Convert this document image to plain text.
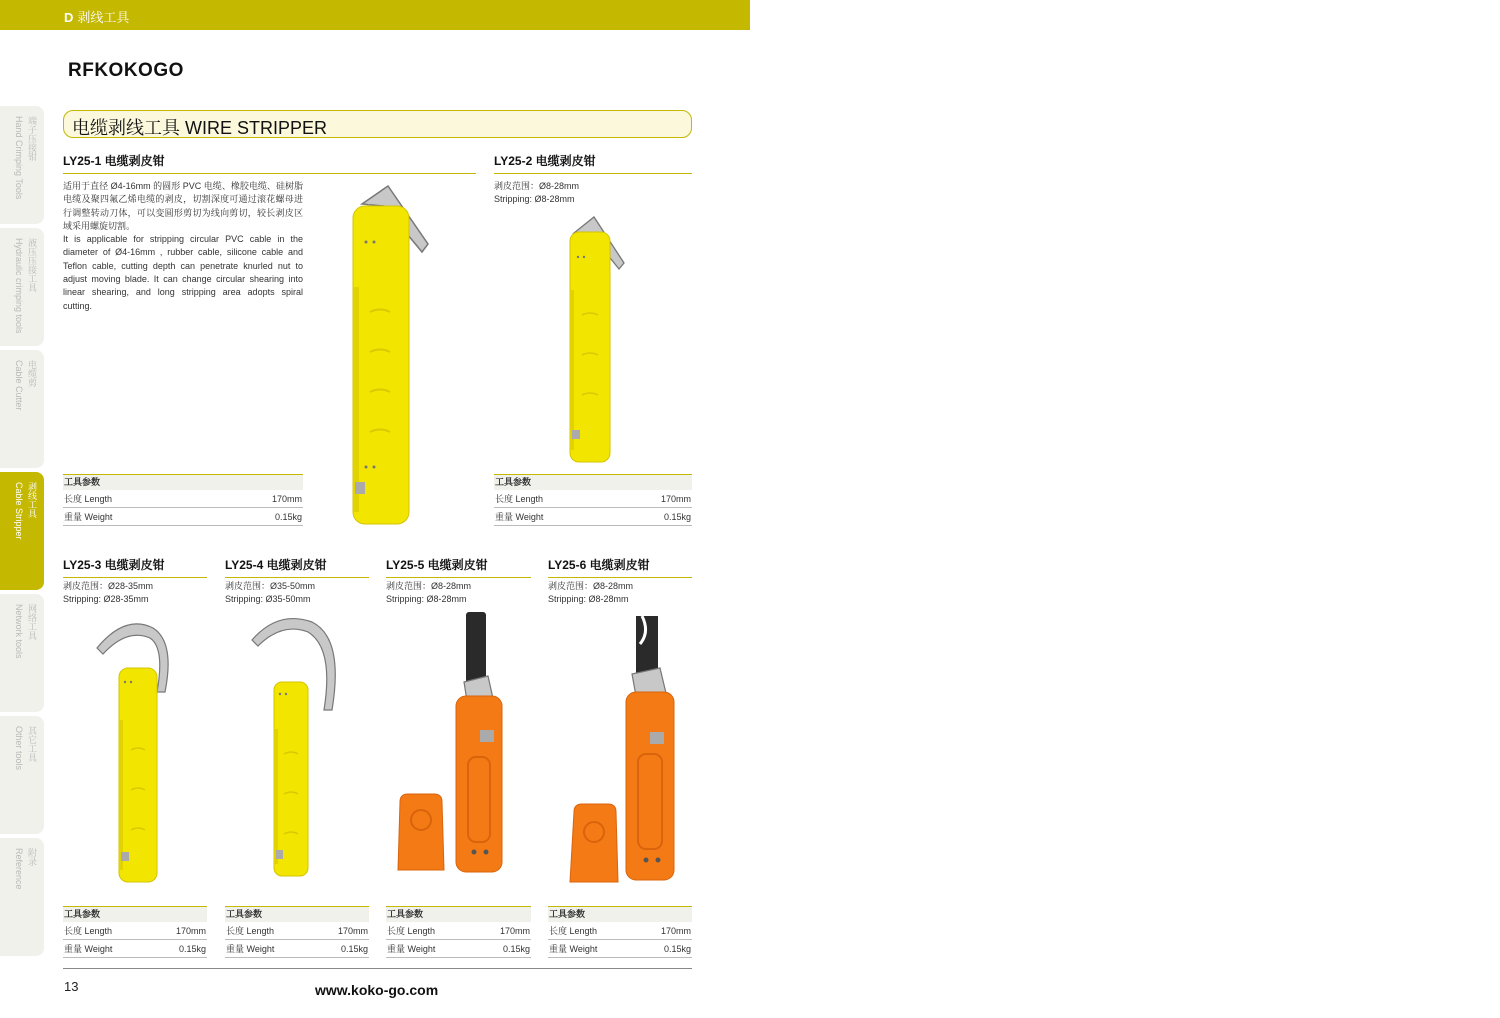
D 剥线工具
RFKOKOGO
端子压接钳
Hand Crimping Tools
液压压接工具
Hydraulic crimping tools
电缆剪
Cable Cutter
剥线工具
Cable Stripper
网络工具
Network tools
其它工具
Other tools
附录
Reference
电缆剥线工具 WIRE STRIPPER
LY25-1 电缆剥皮钳
适用于直径 Ø4-16mm 的圆形 PVC 电缆、橡胶电缆、硅树脂电缆及聚四氟乙烯电缆的剥皮，切割深度可通过滚花螺母进行调整转动刀体，可以变圆形剪切为线向剪切，较长剥皮区域采用螺旋切割。
It is applicable for stripping circular PVC cable in the diameter of Ø4-16mm , rubber cable, silicone cable and Teflon cable, cutting depth can penetrate knurled nut to adjust moving blade. It can change circular shearing into linear shearing, and long stripping area adopts spiral cutting.
工具参数
长度 Length	170mm
重量 Weight	0.15kg
LY25-2 电缆剥皮钳
剥皮范围：Ø8-28mm
Stripping: Ø8-28mm
工具参数
长度 Length	170mm
重量 Weight	0.15kg
LY25-3 电缆剥皮钳
剥皮范围：Ø28-35mm
Stripping: Ø28-35mm
工具参数
长度 Length	170mm
重量 Weight	0.15kg
LY25-4 电缆剥皮钳
剥皮范围：Ø35-50mm
Stripping: Ø35-50mm
工具参数
长度 Length	170mm
重量 Weight	0.15kg
LY25-5 电缆剥皮钳
剥皮范围：Ø8-28mm
Stripping: Ø8-28mm
工具参数
长度 Length	170mm
重量 Weight	0.15kg
LY25-6 电缆剥皮钳
剥皮范围：Ø8-28mm
Stripping: Ø8-28mm
工具参数
长度 Length	170mm
重量 Weight	0.15kg
13	www.koko-go.com
